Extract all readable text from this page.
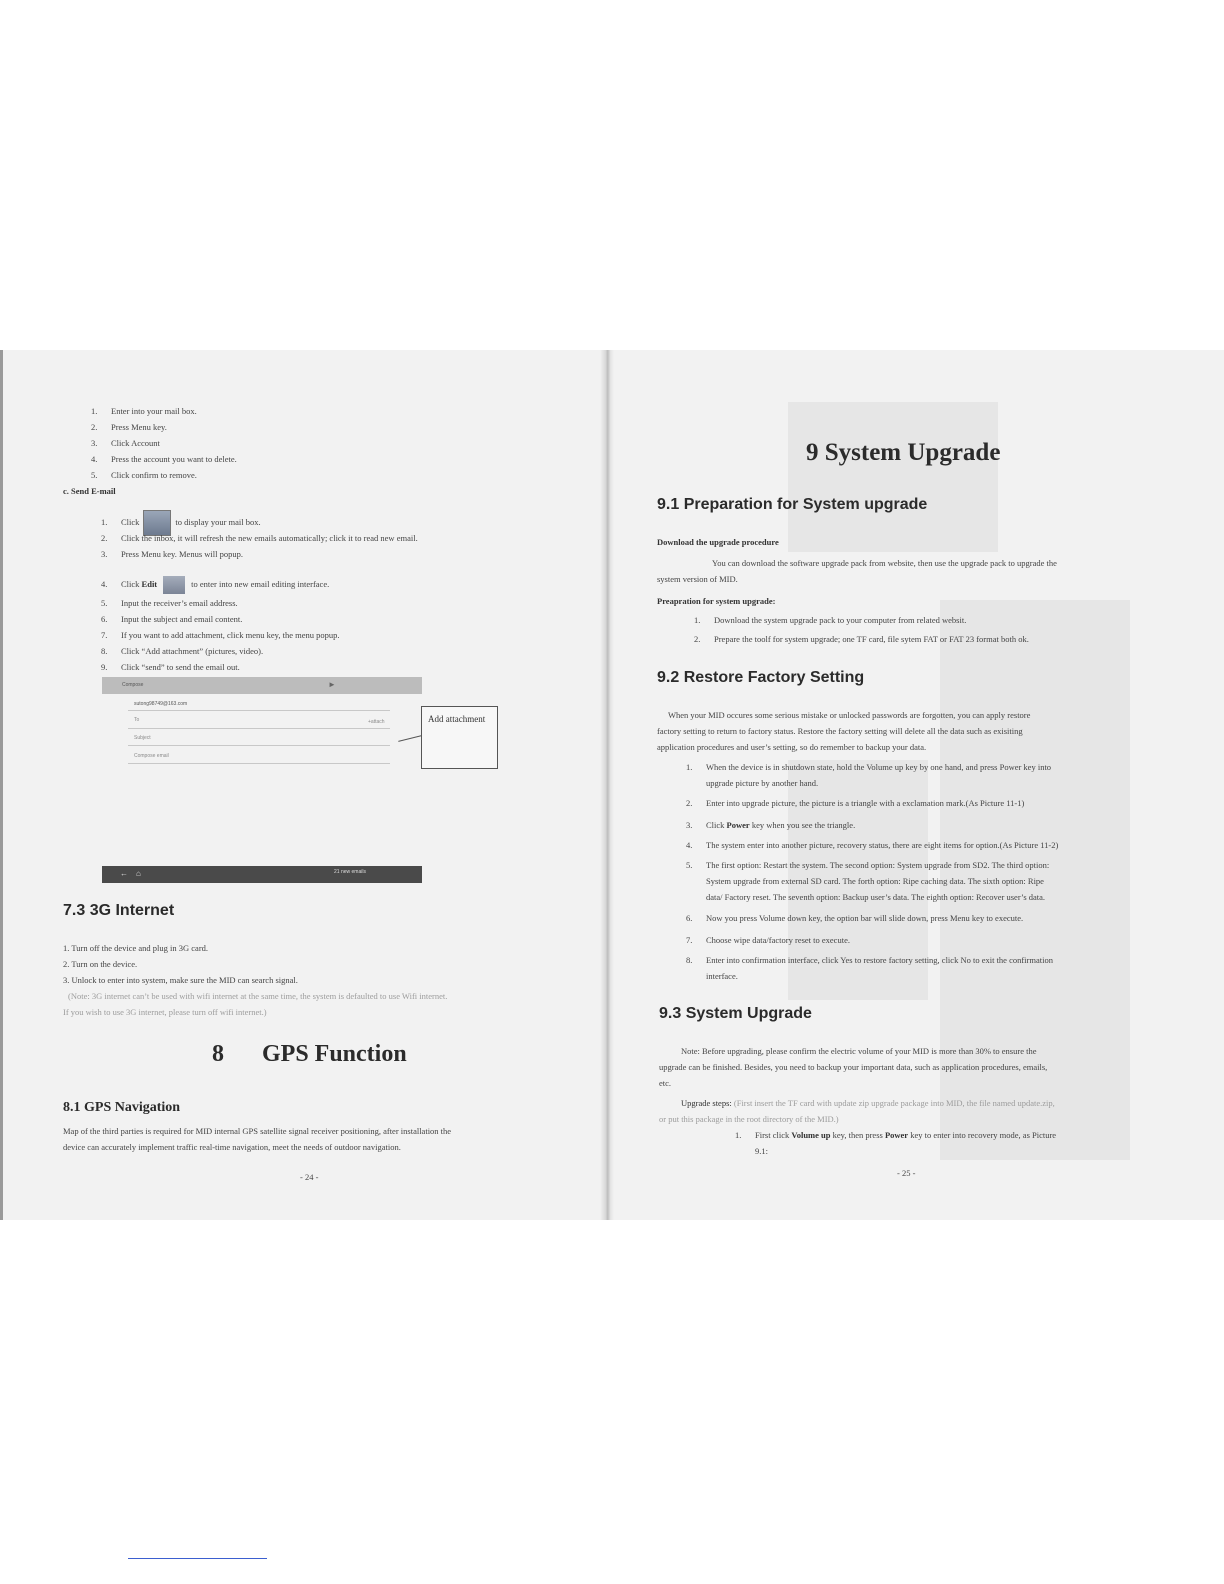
1. Enter into your mail box.
2. Press Menu key.
3. Click Account
4. Press the account you want to delete.
5. Click confirm to remove.
c. Send E-mail
1. Click	to display your mail box.
2. Click the inbox, it will refresh the new emails automatically; click it to read new email.
3. Press Menu key. Menus will popup.
4. Click Edit	to enter into new email editing interface.
5. Input the receiver’s email address.
6. Input the subject and email content.
7. If you want to add attachment, click menu key, the menu popup.
8. Click “Add attachment” (pictures, video).
9. Click “send” to send the email out.
Compose	►
sutong98749@163.com
To	+attach
Subject
Compose email
Add attachment
← ⌂	21 new emails
7.3 3G Internet
1. Turn off the device and plug in 3G card.
2. Turn on the device.
3. Unlock to enter into system, make sure the MID can search signal.
(Note: 3G internet can’t be used with wifi internet at the same time, the system is defaulted to use Wifi internet.
If you wish to use 3G internet, please turn off wifi internet.)
8 GPS Function
8.1 GPS Navigation
Map of the third parties is required for MID internal GPS satellite signal receiver positioning, after installation the
device can accurately implement traffic real-time navigation, meet the needs of outdoor navigation.
- 24 -
9 System Upgrade
9.1 Preparation for System upgrade
Download the upgrade procedure
You can download the software upgrade pack from website, then use the upgrade pack to upgrade the
system version of MID.
Preapration for system upgrade:
1. Download the system upgrade pack to your computer from related websit.
2. Prepare the toolf for system upgrade; one TF card, file sytem FAT or FAT 23 format both ok.
9.2 Restore Factory Setting
When your MID occures some serious mistake or unlocked passwords are forgotten, you can apply restore
factory setting to return to factory status. Restore the factory setting will delete all the data such as exisiting
application procedures and user’s setting, so do remember to backup your data.
1. When the device is in shutdown state, hold the Volume up key by one hand, and press Power key into
upgrade picture by another hand.
2. Enter into upgrade picture, the picture is a triangle with a exclamation mark.(As Picture 11-1)
3. Click Power key when you see the triangle.
4. The system enter into another picture, recovery status, there are eight items for option.(As Picture 11-2)
5. The first option: Restart the system. The second option: System upgrade from SD2. The third option:
System upgrade from external SD card. The forth option: Ripe caching data. The sixth option: Ripe
data/ Factory reset. The seventh option: Backup user’s data. The eighth option: Recover user’s data.
6. Now you press Volume down key, the option bar will slide down, press Menu key to execute.
7. Choose wipe data/factory reset to execute.
8. Enter into confirmation interface, click Yes to restore factory setting, click No to exit the confirmation
interface.
9.3 System Upgrade
Note: Before upgrading, please confirm the electric volume of your MID is more than 30% to ensure the
upgrade can be finished. Besides, you need to backup your important data, such as application procedures, emails,
etc.
Upgrade steps: (First insert the TF card with update zip upgrade package into MID, the file named update.zip,
or put this package in the root directory of the MID.)
1. First click Volume up key, then press Power key to enter into recovery mode, as Picture
9.1:
- 25 -
